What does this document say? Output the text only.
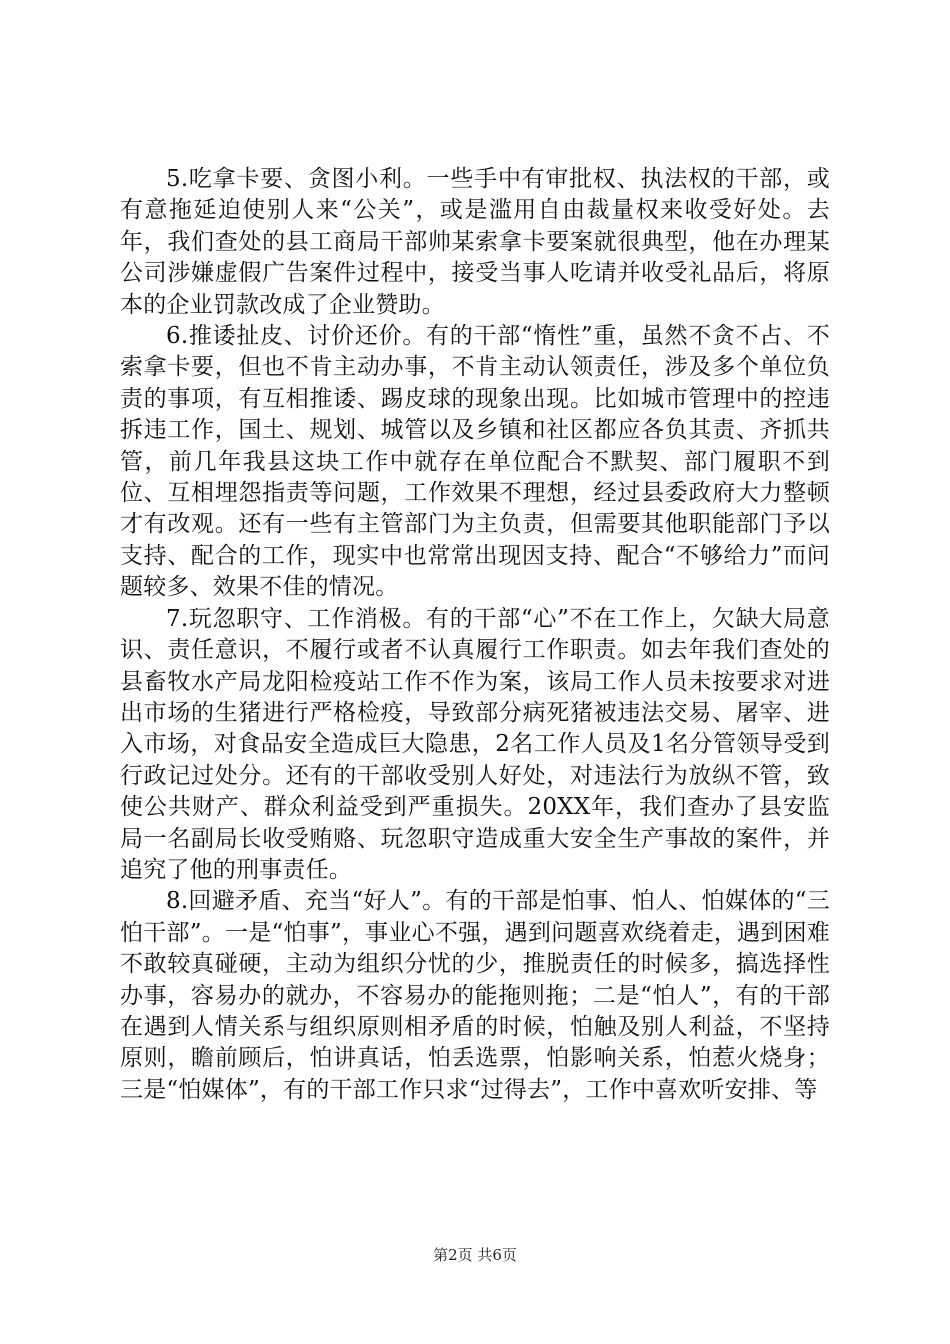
5.吃拿卡要、贪图小利。一些手中有审批权、执法权的干部，或有意拖延迫使别人来“公关”，或是滥用自由裁量权来收受好处。去年，我们查处的县工商局干部帅某索拿卡要案就很典型，他在办理某公司涉嫌虚假广告案件过程中，接受当事人吃请并收受礼品后，将原本的企业罚款改成了企业赞助。

6.推诿扯皮、讨价还价。有的干部“惰性”重，虽然不贪不占、不索拿卡要，但也不肯主动办事，不肯主动认领责任，涉及多个单位负责的事项，有互相推诿、踢皮球的现象出现。比如城市管理中的控违拆违工作，国土、规划、城管以及乡镇和社区都应各负其责、齐抓共管，前几年我县这块工作中就存在单位配合不默契、部门履职不到位、互相埋怨指责等问题，工作效果不理想，经过县委政府大力整顿才有改观。还有一些有主管部门为主负责，但需要其他职能部门予以支持、配合的工作，现实中也常常出现因支持、配合“不够给力”而问题较多、效果不佳的情况。

7.玩忽职守、工作消极。有的干部“心”不在工作上，欠缺大局意识、责任意识，不履行或者不认真履行工作职责。如去年我们查处的县畜牧水产局龙阳检疫站工作不作为案，该局工作人员未按要求对进出市场的生猪进行严格检疫，导致部分病死猪被违法交易、屠宰、进入市场，对食品安全造成巨大隐患，2名工作人员及1名分管领导受到行政记过处分。还有的干部收受别人好处，对违法行为放纵不管，致使公共财产、群众利益受到严重损失。20XX年，我们查办了县安监局一名副局长收受贿赂、玩忽职守造成重大安全生产事故的案件，并追究了他的刑事责任。

8.回避矛盾、充当“好人”。有的干部是怕事、怕人、怕媒体的“三怕干部”。一是“怕事”，事业心不强，遇到问题喜欢绕着走，遇到困难不敢较真碰硬，主动为组织分忧的少，推脱责任的时候多，搞选择性办事，容易办的就办，不容易办的能拖则拖；二是“怕人”，有的干部在遇到人情关系与组织原则相矛盾的时候，怕触及别人利益，不坚持原则，瞻前顾后，怕讲真话，怕丢选票，怕影响关系，怕惹火烧身；三是“怕媒体”，有的干部工作只求“过得去”，工作中喜欢听安排、等

第2页 共6页
